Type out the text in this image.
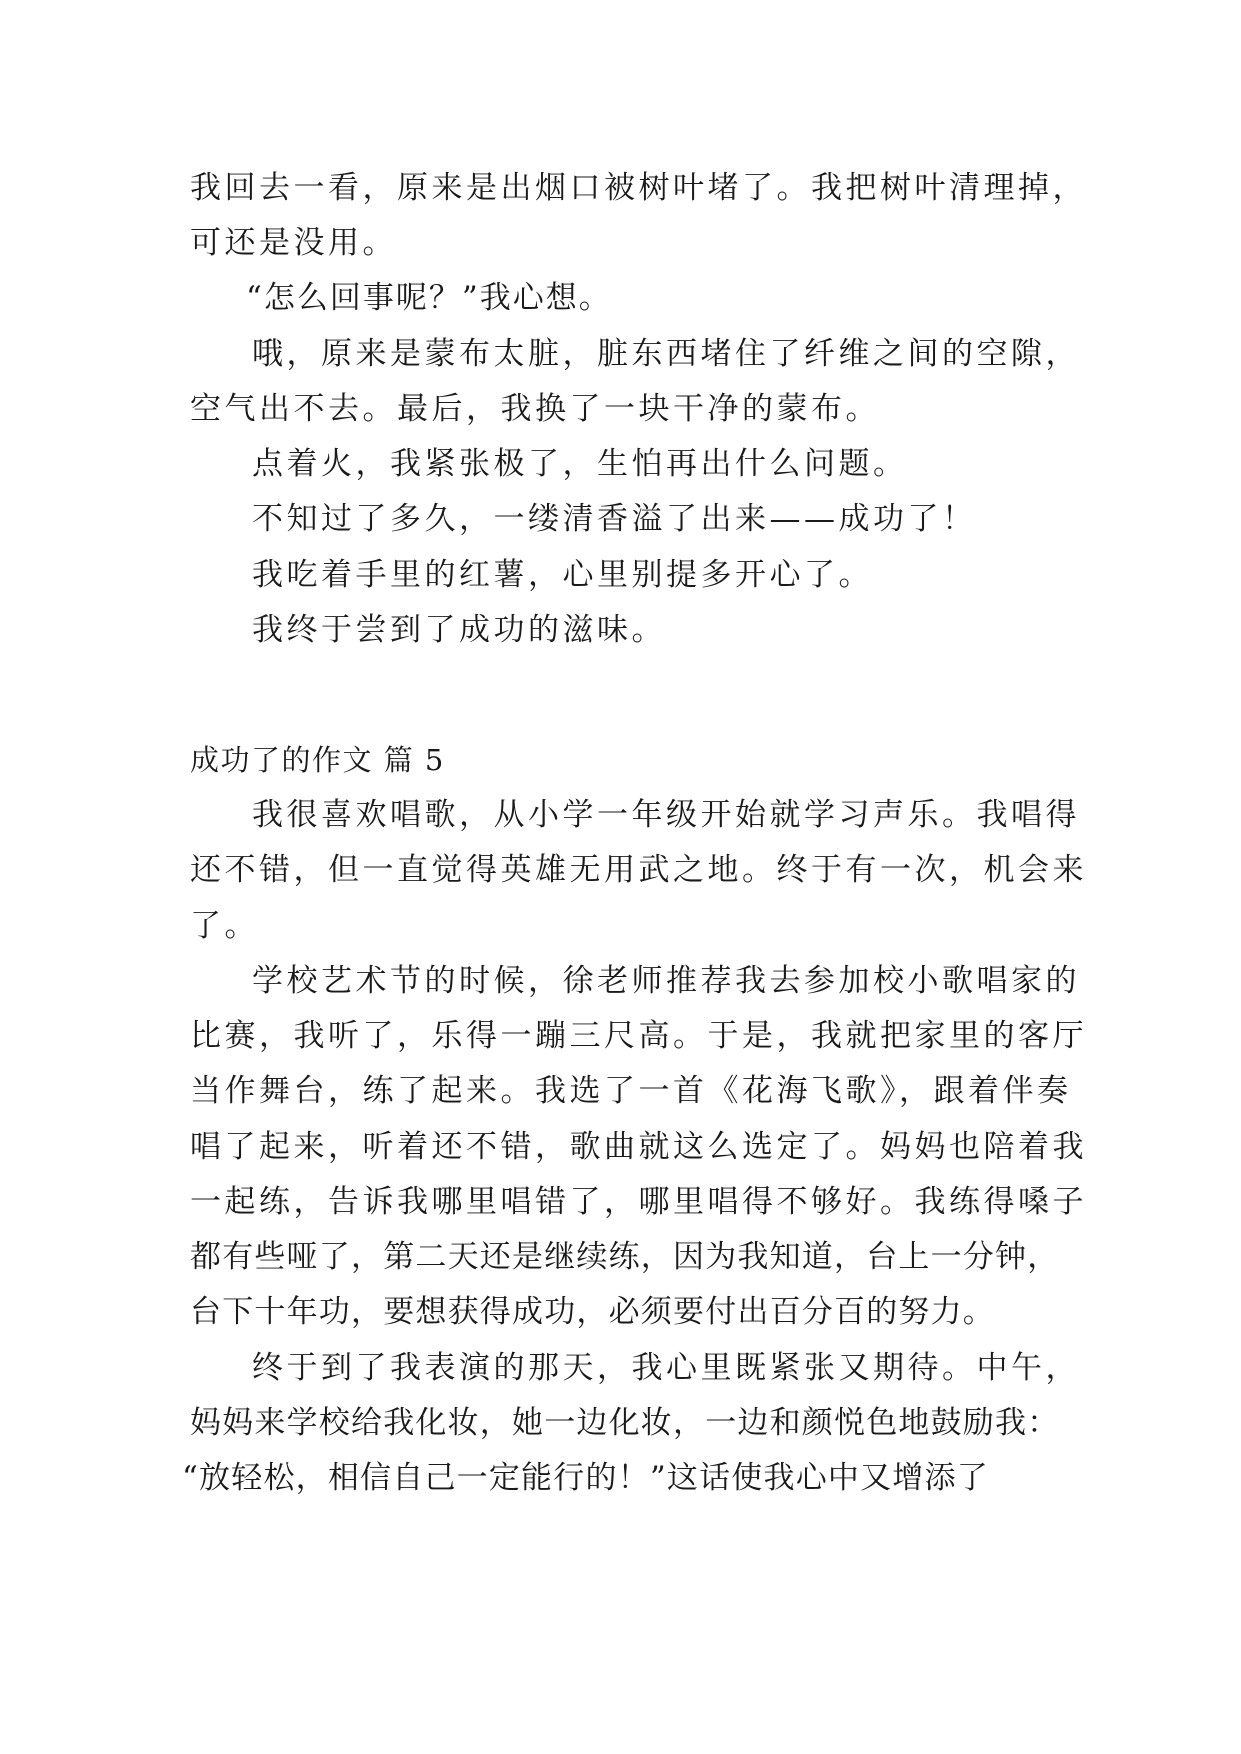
我回去一看，原来是出烟口被树叶堵了。我把树叶清理掉，
可还是没用。
“怎么回事呢？”我心想。
哦，原来是蒙布太脏，脏东西堵住了纤维之间的空隙，
空气出不去。最后，我换了一块干净的蒙布。
点着火，我紧张极了，生怕再出什么问题。
不知过了多久，一缕清香溢了出来——成功了！
我吃着手里的红薯，心里别提多开心了。
我终于尝到了成功的滋味。
成功了的作文 篇 5
我很喜欢唱歌，从小学一年级开始就学习声乐。我唱得
还不错，但一直觉得英雄无用武之地。终于有一次，机会来
了。
学校艺术节的时候，徐老师推荐我去参加校小歌唱家的
比赛，我听了，乐得一蹦三尺高。于是，我就把家里的客厅
当作舞台，练了起来。我选了一首《花海飞歌》，跟着伴奏
唱了起来，听着还不错，歌曲就这么选定了。妈妈也陪着我
一起练，告诉我哪里唱错了，哪里唱得不够好。我练得嗓子
都有些哑了，第二天还是继续练，因为我知道，台上一分钟，
台下十年功，要想获得成功，必须要付出百分百的努力。
终于到了我表演的那天，我心里既紧张又期待。中午，
妈妈来学校给我化妆，她一边化妆，一边和颜悦色地鼓励我：
“放轻松，相信自己一定能行的！”这话使我心中又增添了
